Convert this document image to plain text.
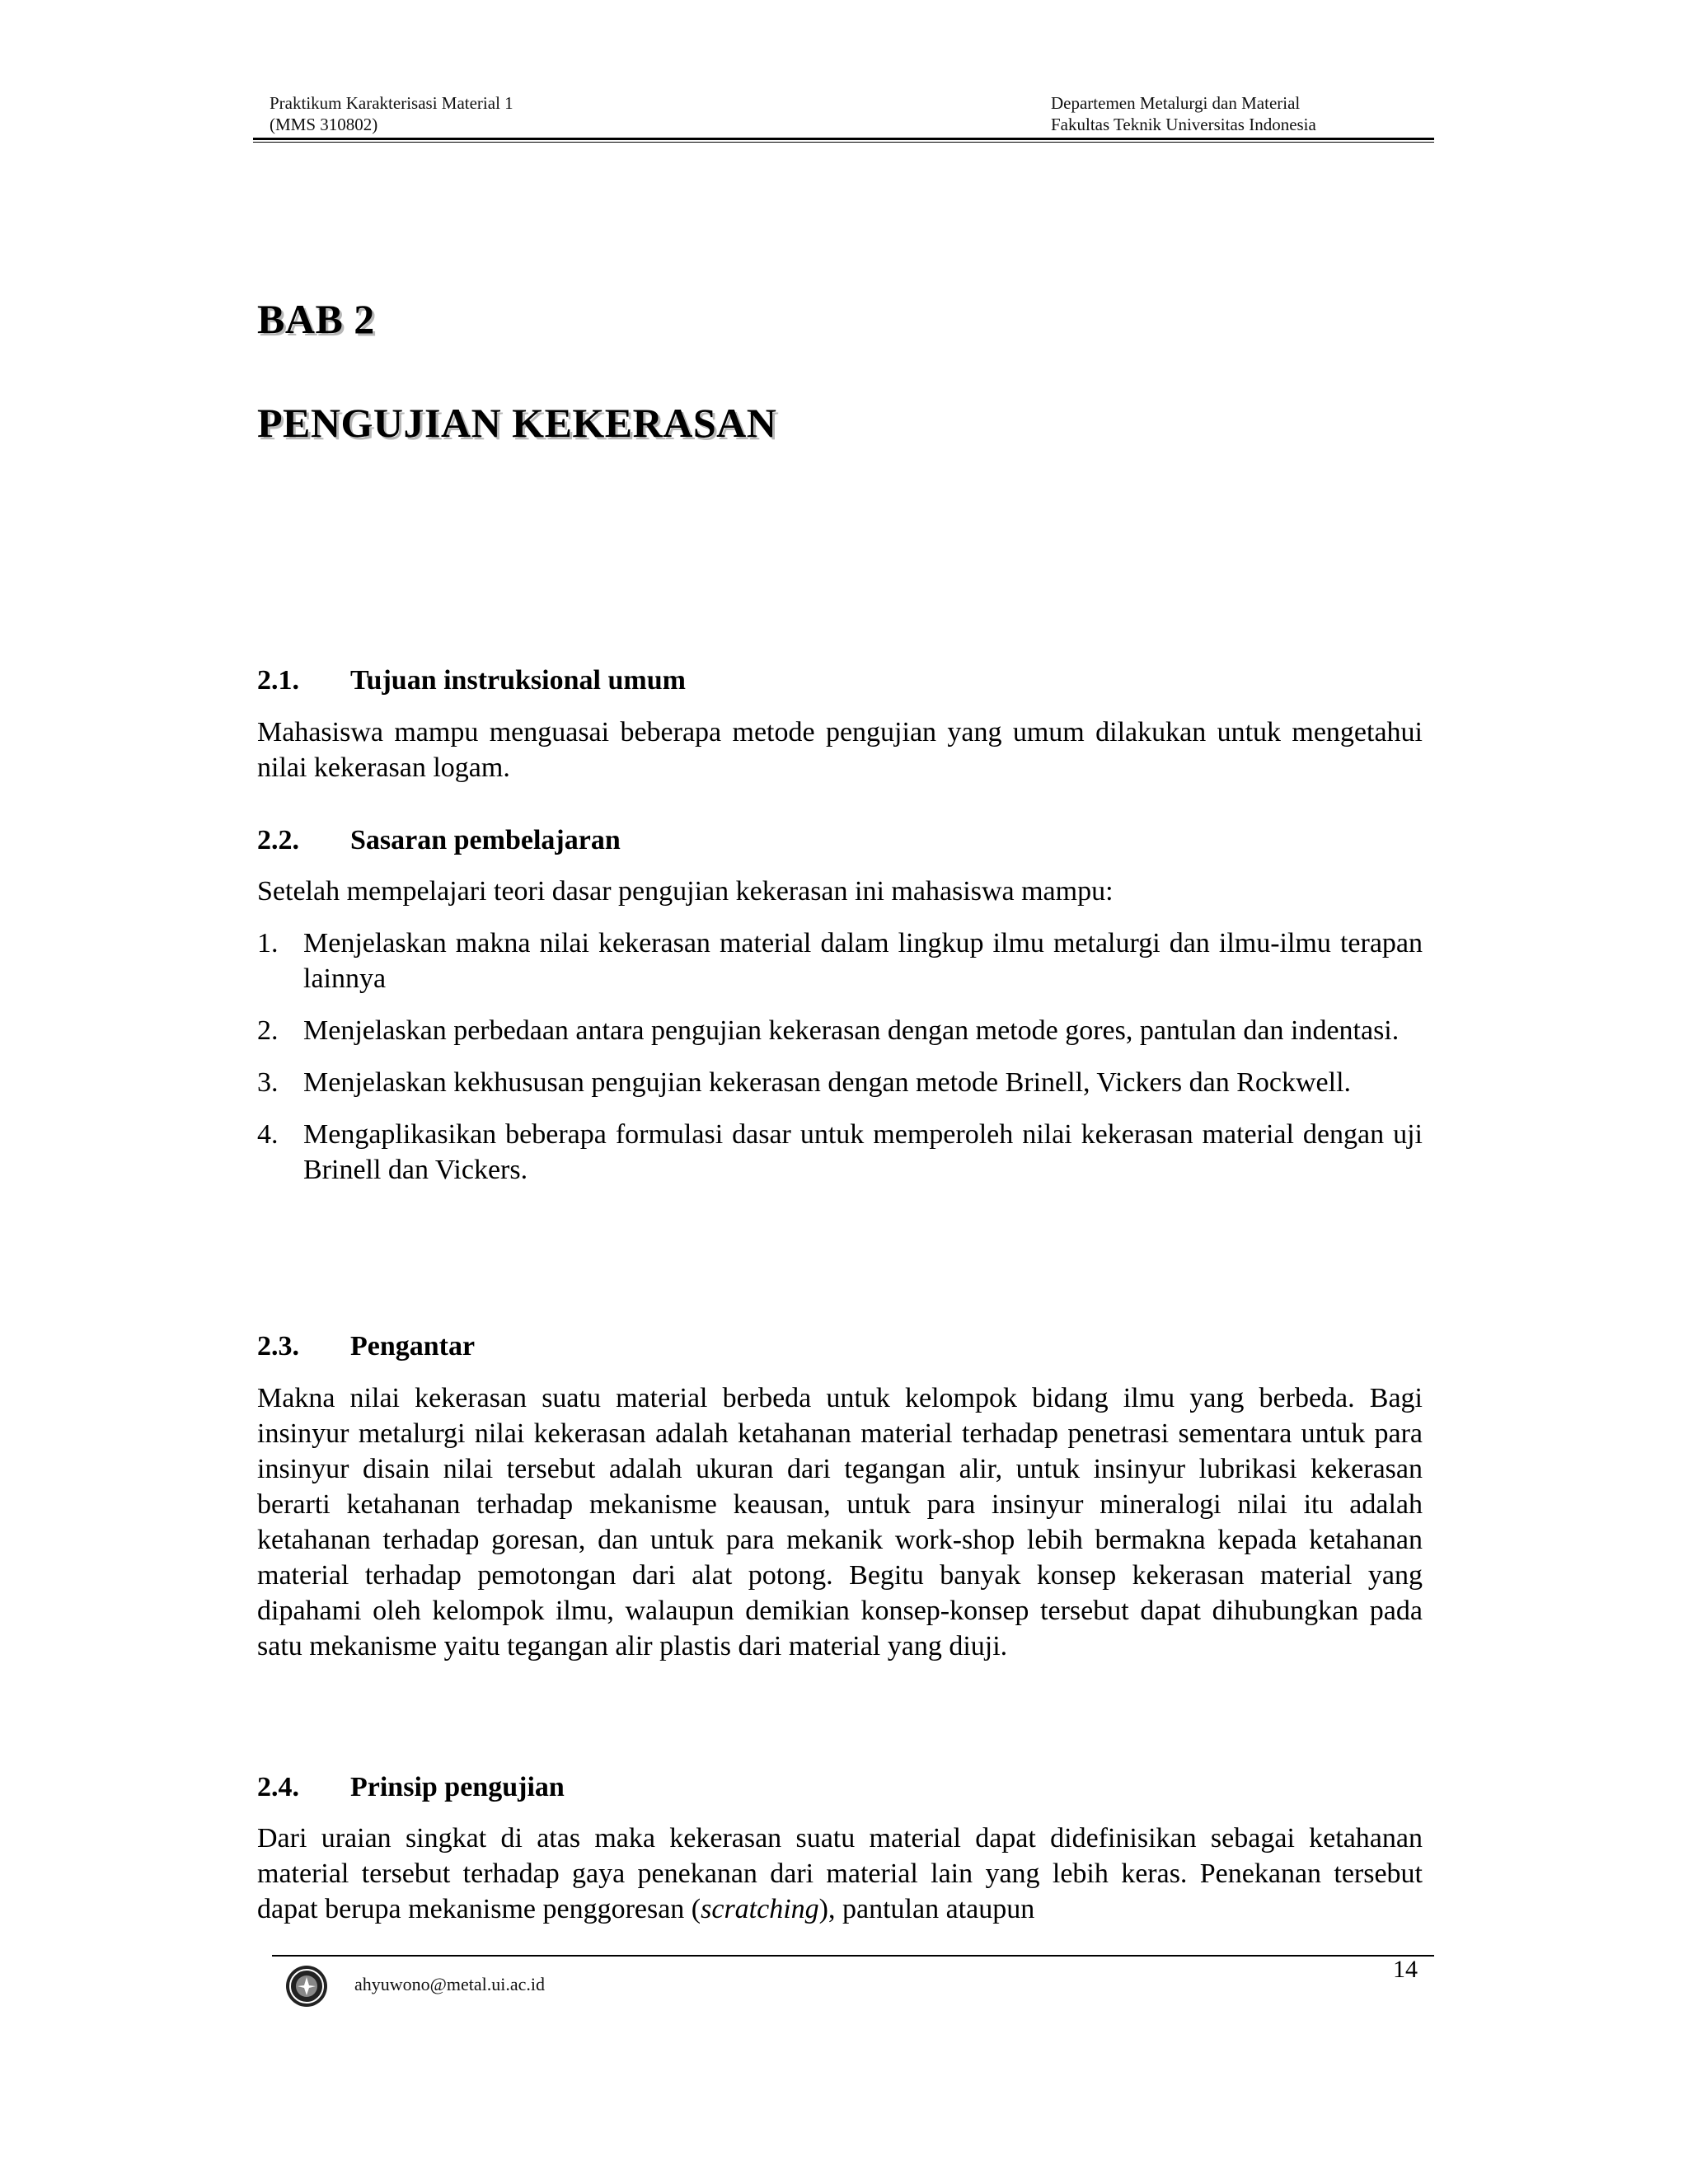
Praktikum Karakterisasi Material 1
(MMS 310802)
Departemen Metalurgi dan Material
Fakultas Teknik Universitas Indonesia
BAB 2
PENGUJIAN KEKERASAN
2.1. Tujuan instruksional umum

Mahasiswa mampu menguasai beberapa metode pengujian yang umum dilakukan untuk mengetahui nilai kekerasan logam.

2.2. Sasaran pembelajaran

Setelah mempelajari teori dasar pengujian kekerasan ini mahasiswa mampu:

1. Menjelaskan makna nilai kekerasan material dalam lingkup ilmu metalurgi dan ilmu-ilmu terapan lainnya
2. Menjelaskan perbedaan antara pengujian kekerasan dengan metode gores, pantulan dan indentasi.
3. Menjelaskan kekhususan pengujian kekerasan dengan metode Brinell, Vickers dan Rockwell.
4. Mengaplikasikan beberapa formulasi dasar untuk memperoleh nilai kekerasan material dengan uji Brinell dan Vickers.
2.3. Pengantar

Makna nilai kekerasan suatu material berbeda untuk kelompok bidang ilmu yang berbeda. Bagi insinyur metalurgi nilai kekerasan adalah ketahanan material terhadap penetrasi sementara untuk para insinyur disain nilai tersebut adalah ukuran dari tegangan alir, untuk insinyur lubrikasi kekerasan berarti ketahanan terhadap mekanisme keausan, untuk para insinyur mineralogi nilai itu adalah ketahanan terhadap goresan, dan untuk para mekanik work-shop lebih bermakna kepada ketahanan material terhadap pemotongan dari alat potong. Begitu banyak konsep kekerasan material yang dipahami oleh kelompok ilmu, walaupun demikian konsep-konsep tersebut dapat dihubungkan pada satu mekanisme yaitu tegangan alir plastis dari material yang diuji.

2.4. Prinsip pengujian

Dari uraian singkat di atas maka kekerasan suatu material dapat didefinisikan sebagai ketahanan material tersebut terhadap gaya penekanan dari material lain yang lebih keras. Penekanan tersebut dapat berupa mekanisme penggoresan (scratching), pantulan ataupun

ahyuwono@metal.ui.ac.id
14
